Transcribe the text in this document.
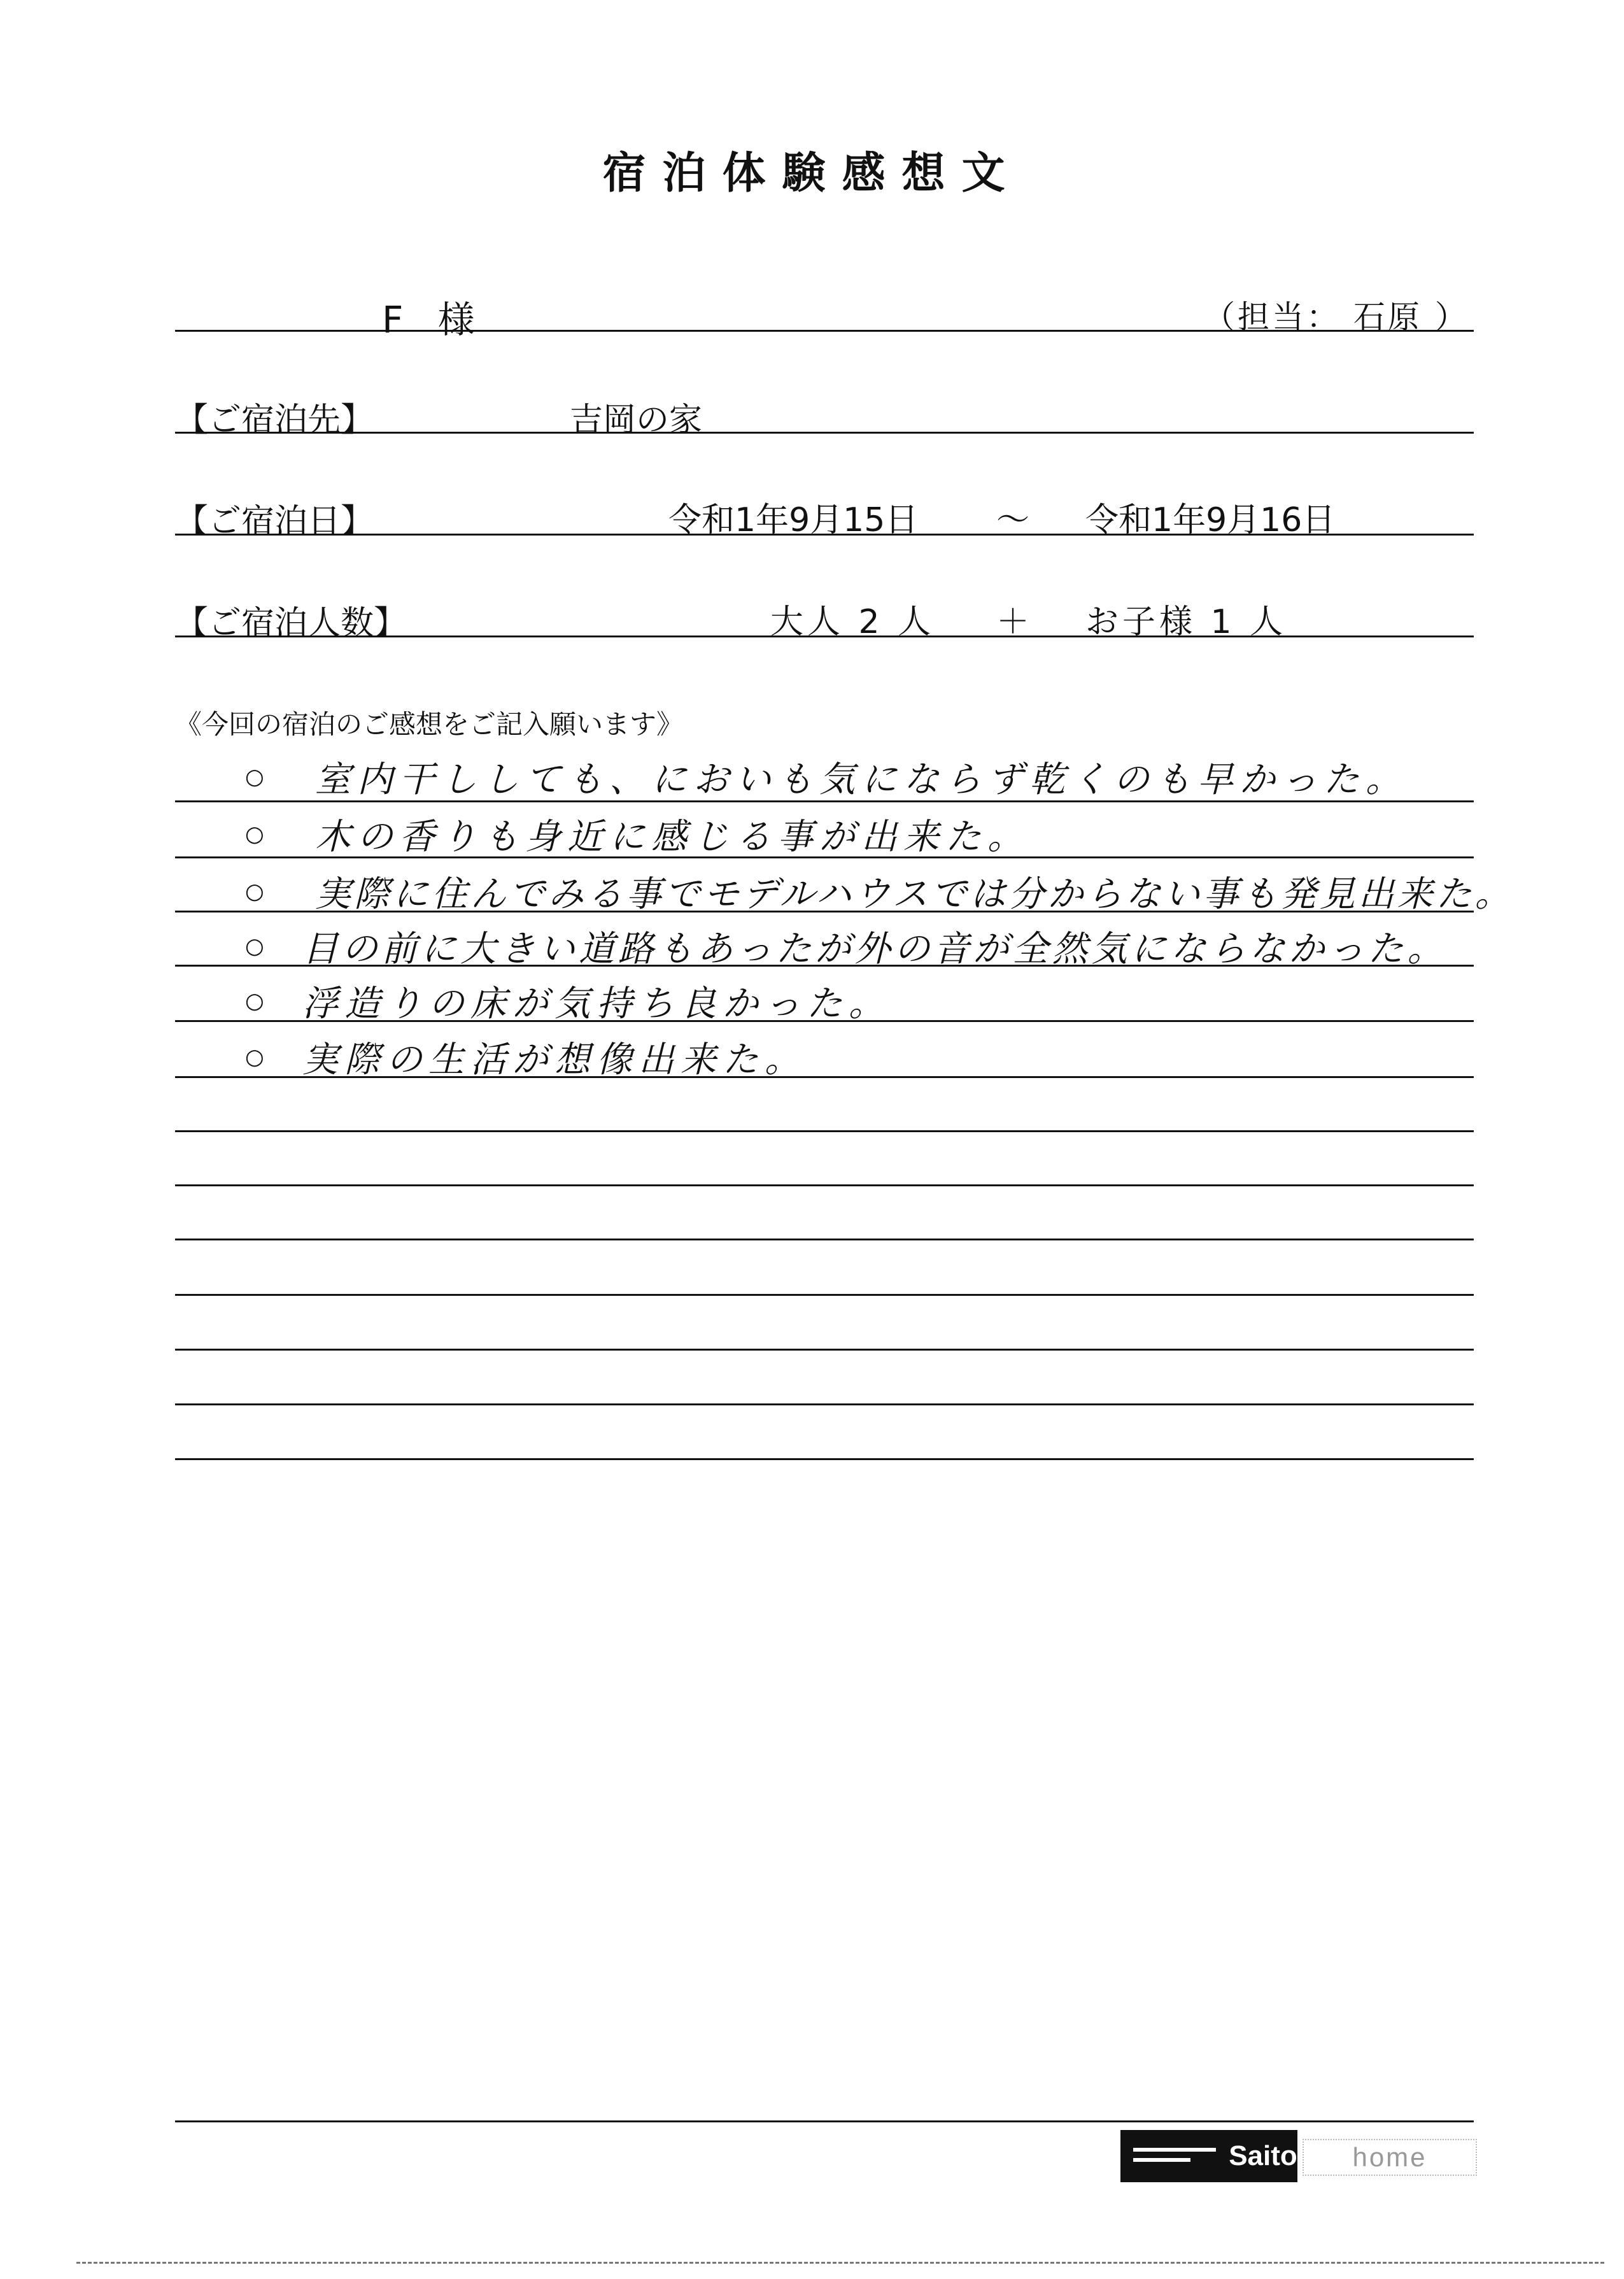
宿泊体験感想文
F 様	（担当： 石原 ）
【ご宿泊先】	吉岡の家
【ご宿泊日】	令和1年9月15日 ～ 令和1年9月16日
【ご宿泊人数】	大人 2 人 ＋ お子様 1 人
《今回の宿泊のご感想をご記入願います》
○ 室内干ししても、においも気にならず乾くのも早かった。
○ 木の香りも身近に感じる事が出来た。
○ 実際に住んでみる事でモデルハウスでは分からない事も発見出来た。
○ 目の前に大きい道路もあったが外の音が全然気にならなかった。
○ 浮造りの床が気持ち良かった。
○ 実際の生活が想像出来た。
Saito	home
